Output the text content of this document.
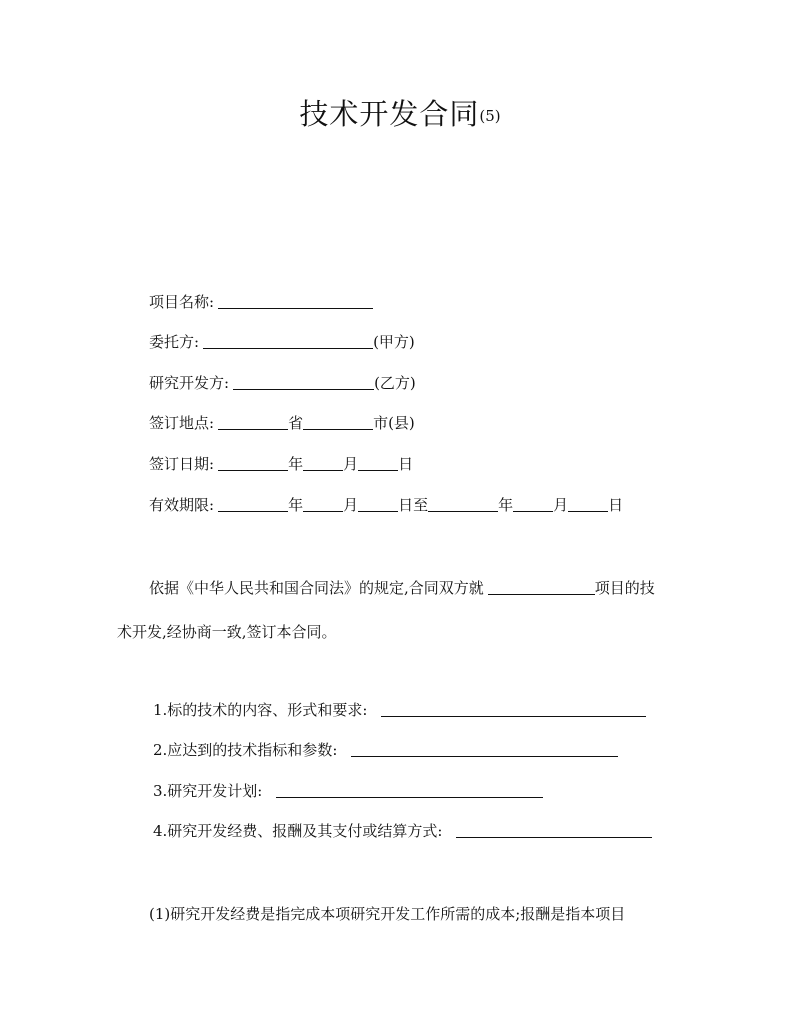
技术开发合同(5)
项目名称:
委托方:	(甲方)
研究开发方:	(乙方)
签订地点:	省	市(县)
签订日期:	年	月	日
有效期限:	年	月	日至	年	月	日
依据《中华人民共和国合同法》的规定,合同双方就	项目的技
术开发,经协商一致,签订本合同。
1.标的技术的内容、形式和要求:
2.应达到的技术指标和参数:
3.研究开发计划:
4.研究开发经费、报酬及其支付或结算方式:
(1)研究开发经费是指完成本项研究开发工作所需的成本;报酬是指本项目
